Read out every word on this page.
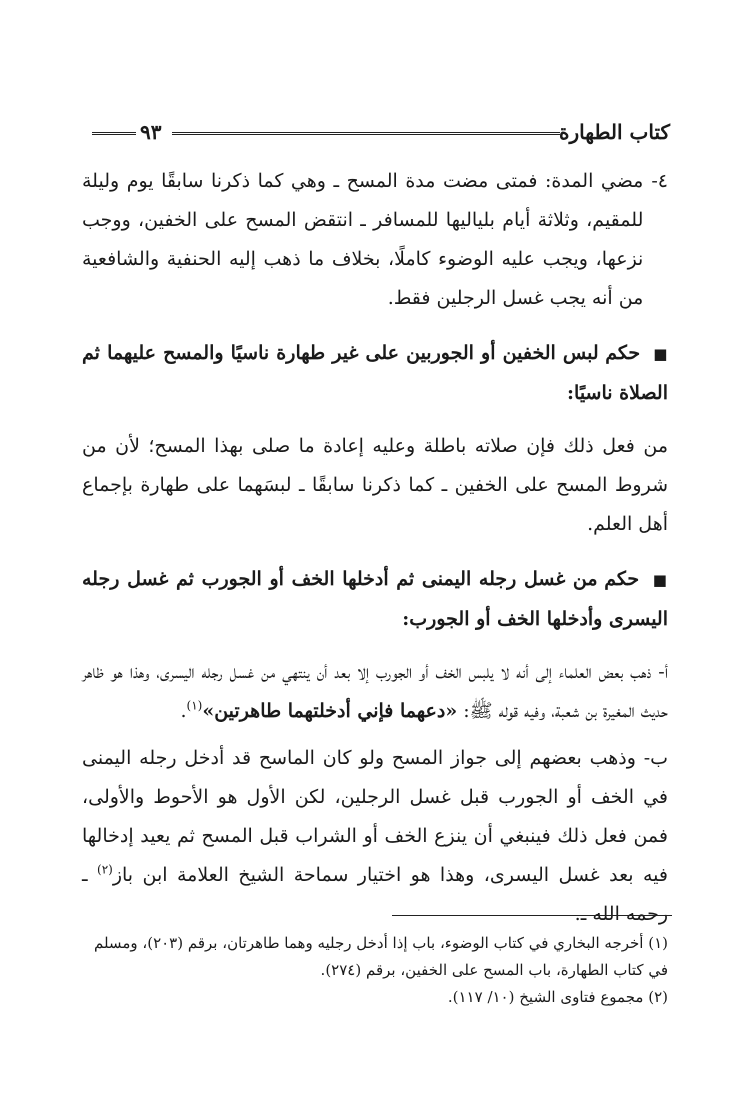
كتاب الطهارة
٩٣
٤-
مضي المدة: فمتى مضت مدة المسح ـ وهي كما ذكرنا سابقًا يوم وليلة للمقيم، وثلاثة أيام بلياليها للمسافر ـ انتقض المسح على الخفين، ووجب نزعها، ويجب عليه الوضوء كاملًا، بخلاف ما ذهب إليه الحنفية والشافعية من أنه يجب غسل الرجلين فقط.

■ حكم لبس الخفين أو الجوربين على غير طهارة ناسيًا والمسح عليهما ثم الصلاة ناسيًا:

من فعل ذلك فإن صلاته باطلة وعليه إعادة ما صلى بهذا المسح؛ لأن من شروط المسح على الخفين ـ كما ذكرنا سابقًا ـ لبسَهما على طهارة بإجماع أهل العلم.

■ حكم من غسل رجله اليمنى ثم أدخلها الخف أو الجورب ثم غسل رجله اليسرى وأدخلها الخف أو الجورب:

أ- ذهب بعض العلماء إلى أنه لا يلبس الخف أو الجورب إلا بعد أن ينتهي من غسل رجله اليسرى، وهذا هو ظاهر حديث المغيرة بن شعبة، وفيه قوله ﷺ: «دعهما فإني أدخلتهما طاهرتين»$^{(١)}$.

ب- وذهب بعضهم إلى جواز المسح ولو كان الماسح قد أدخل رجله اليمنى في الخف أو الجورب قبل غسل الرجلين، لكن الأول هو الأحوط والأولى، فمن فعل ذلك فينبغي أن ينزع الخف أو الشراب قبل المسح ثم يعيد إدخالها فيه بعد غسل اليسرى، وهذا هو اختيار سماحة الشيخ العلامة ابن باز$^{(٢)}$ ـ رحمه الله ـ.

(١) أخرجه البخاري في كتاب الوضوء، باب إذا أدخل رجليه وهما طاهرتان، برقم (٢٠٣)، ومسلم في كتاب الطهارة، باب المسح على الخفين، برقم (٢٧٤).

(٢) مجموع فتاوى الشيخ (١٠/ ١١٧).
